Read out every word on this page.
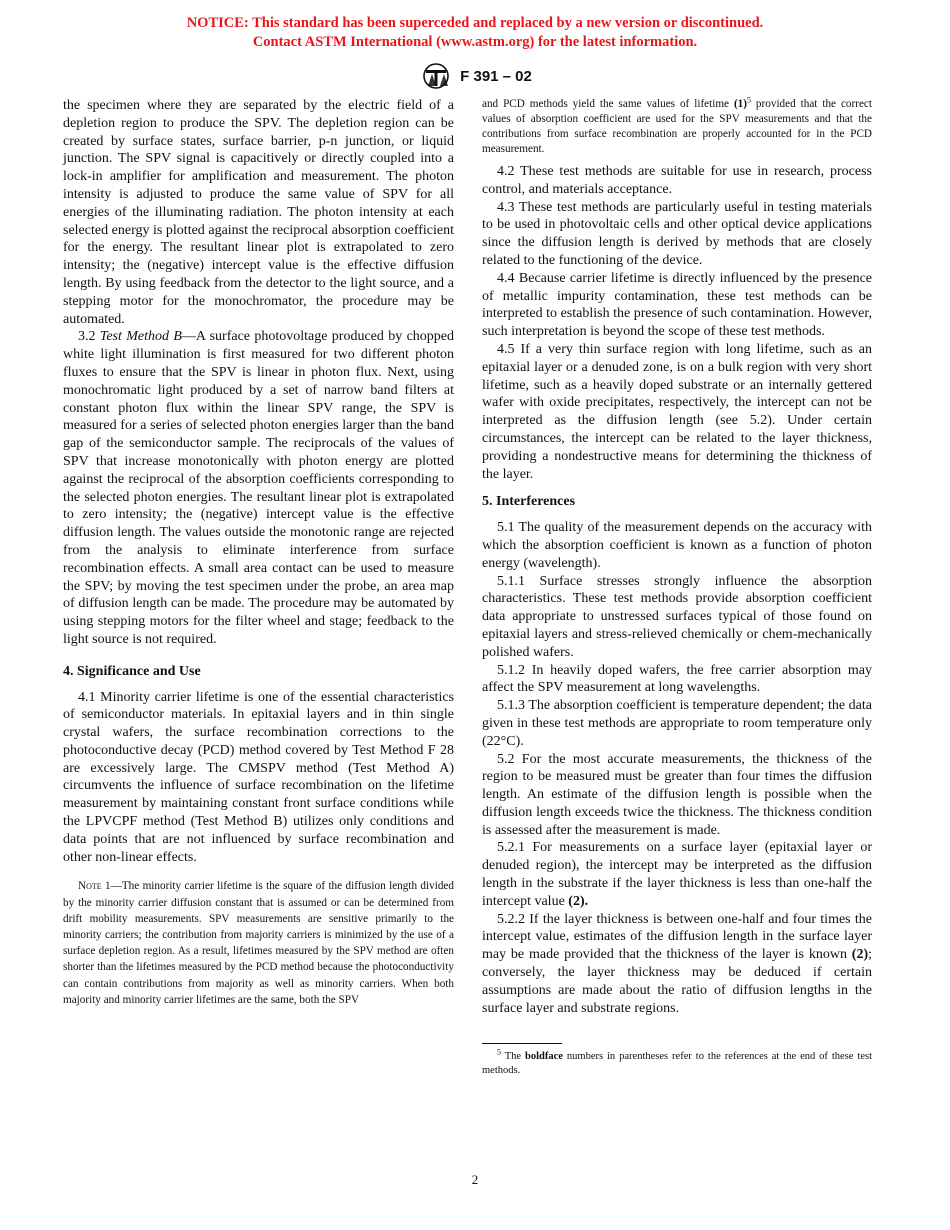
NOTICE: This standard has been superceded and replaced by a new version or discontinued.
Contact ASTM International (www.astm.org) for the latest information.
F 391 – 02

the specimen where they are separated by the electric field of a depletion region to produce the SPV. The depletion region can be created by surface states, surface barrier, p-n junction, or liquid junction. The SPV signal is capacitively or directly coupled into a lock-in amplifier for amplification and measurement. The photon intensity is adjusted to produce the same value of SPV for all energies of the illuminating radiation. The photon intensity at each selected energy is plotted against the reciprocal absorption coefficient for the energy. The resultant linear plot is extrapolated to zero intensity; the (negative) intercept value is the effective diffusion length. By using feedback from the detector to the light source, and a stepping motor for the monochromator, the procedure may be automated.

3.2 Test Method B—A surface photovoltage produced by chopped white light illumination is first measured for two different photon fluxes to ensure that the SPV is linear in photon flux. Next, using monochromatic light produced by a set of narrow band filters at constant photon flux within the linear SPV range, the SPV is measured for a series of selected photon energies larger than the band gap of the semiconductor sample. The reciprocals of the values of SPV that increase monotonically with photon energy are plotted against the reciprocal of the absorption coefficients corresponding to the selected photon energies. The resultant linear plot is extrapolated to zero intensity; the (negative) intercept value is the effective diffusion length. The values outside the monotonic range are rejected from the analysis to eliminate interference from surface recombination effects. A small area contact can be used to measure the SPV; by moving the test specimen under the probe, an area map of diffusion length can be made. The procedure may be automated by using stepping motors for the filter wheel and stage; feedback to the light source is not required.

4. Significance and Use

4.1 Minority carrier lifetime is one of the essential characteristics of semiconductor materials. In epitaxial layers and in thin single crystal wafers, the surface recombination corrections to the photoconductive decay (PCD) method covered by Test Method F 28 are excessively large. The CMSPV method (Test Method A) circumvents the influence of surface recombination on the lifetime measurement by maintaining constant front surface conditions while the LPVCPF method (Test Method B) utilizes only conditions and data points that are not influenced by surface recombination and other non-linear effects.

Note 1—The minority carrier lifetime is the square of the diffusion length divided by the minority carrier diffusion constant that is assumed or can be determined from drift mobility measurements. SPV measurements are sensitive primarily to the minority carriers; the contribution from majority carriers is minimized by the use of a surface depletion region. As a result, lifetimes measured by the SPV method are often shorter than the lifetimes measured by the PCD method because the photoconductivity can contain contributions from majority as well as minority carriers. When both majority and minority carrier lifetimes are the same, both the SPV

and PCD methods yield the same values of lifetime $(1)^5$ provided that the correct values of absorption coefficient are used for the SPV measurements and that the contributions from surface recombination are properly accounted for in the PCD measurement.

4.2 These test methods are suitable for use in research, process control, and materials acceptance.

4.3 These test methods are particularly useful in testing materials to be used in photovoltaic cells and other optical device applications since the diffusion length is derived by methods that are closely related to the functioning of the device.

4.4 Because carrier lifetime is directly influenced by the presence of metallic impurity contamination, these test methods can be interpreted to establish the presence of such contamination. However, such interpretation is beyond the scope of these test methods.

4.5 If a very thin surface region with long lifetime, such as an epitaxial layer or a denuded zone, is on a bulk region with very short lifetime, such as a heavily doped substrate or an internally gettered wafer with oxide precipitates, respectively, the intercept can not be interpreted as the diffusion length (see 5.2). Under certain circumstances, the intercept can be related to the layer thickness, providing a nondestructive means for determining the thickness of the layer.

5. Interferences

5.1 The quality of the measurement depends on the accuracy with which the absorption coefficient is known as a function of photon energy (wavelength).

5.1.1 Surface stresses strongly influence the absorption characteristics. These test methods provide absorption coefficient data appropriate to unstressed surfaces typical of those found on epitaxial layers and stress-relieved chemically or chem-mechanically polished wafers.

5.1.2 In heavily doped wafers, the free carrier absorption may affect the SPV measurement at long wavelengths.

5.1.3 The absorption coefficient is temperature dependent; the data given in these test methods are appropriate to room temperature only (22°C).

5.2 For the most accurate measurements, the thickness of the region to be measured must be greater than four times the diffusion length. An estimate of the diffusion length is possible when the diffusion length exceeds twice the thickness. The thickness condition is assessed after the measurement is made.

5.2.1 For measurements on a surface layer (epitaxial layer or denuded region), the intercept may be interpreted as the diffusion length in the substrate if the layer thickness is less than one-half the intercept value (2).

5.2.2 If the layer thickness is between one-half and four times the intercept value, estimates of the diffusion length in the surface layer may be made provided that the thickness of the layer is known (2); conversely, the layer thickness may be deduced if certain assumptions are made about the ratio of diffusion lengths in the surface layer and substrate regions.

$^5$ The boldface numbers in parentheses refer to the references at the end of these test methods.

2
